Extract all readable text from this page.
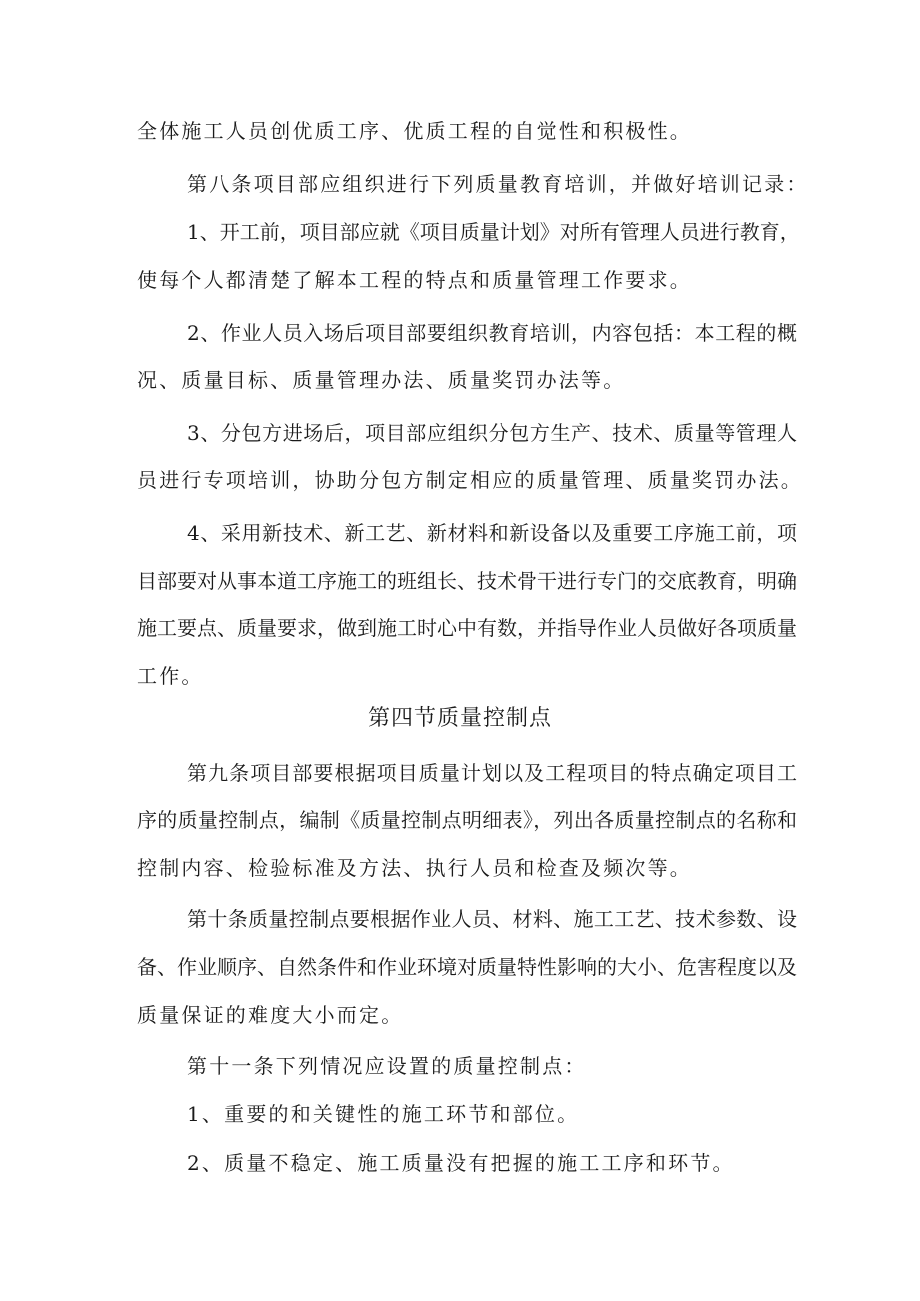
全体施工人员创优质工序、优质工程的自觉性和积极性。
第八条项目部应组织进行下列质量教育培训，并做好培训记录：
1、开工前，项目部应就《项目质量计划》对所有管理人员进行教育，
使每个人都清楚了解本工程的特点和质量管理工作要求。
2、作业人员入场后项目部要组织教育培训，内容包括：本工程的概
况、质量目标、质量管理办法、质量奖罚办法等。
3、分包方进场后，项目部应组织分包方生产、技术、质量等管理人
员进行专项培训，协助分包方制定相应的质量管理、质量奖罚办法。
4、采用新技术、新工艺、新材料和新设备以及重要工序施工前，项
目部要对从事本道工序施工的班组长、技术骨干进行专门的交底教育，明确
施工要点、质量要求，做到施工时心中有数，并指导作业人员做好各项质量
工作。
第四节质量控制点
第九条项目部要根据项目质量计划以及工程项目的特点确定项目工
序的质量控制点，编制《质量控制点明细表》，列出各质量控制点的名称和
控制内容、检验标准及方法、执行人员和检查及频次等。
第十条质量控制点要根据作业人员、材料、施工工艺、技术参数、设
备、作业顺序、自然条件和作业环境对质量特性影响的大小、危害程度以及
质量保证的难度大小而定。
第十一条下列情况应设置的质量控制点：
1、重要的和关键性的施工环节和部位。
2、质量不稳定、施工质量没有把握的施工工序和环节。
